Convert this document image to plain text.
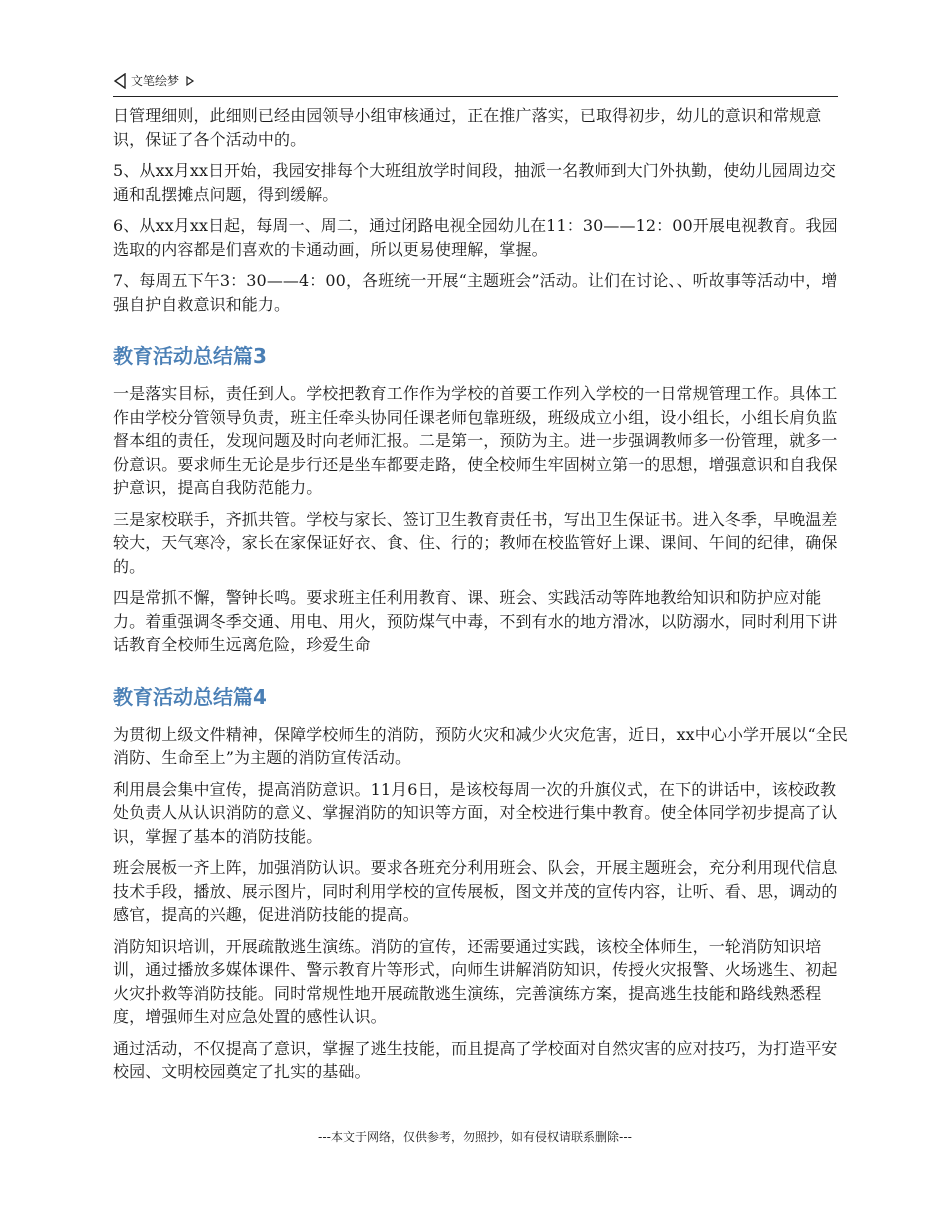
文笔绘梦

日管理细则，此细则已经由园领导小组审核通过，正在推广落实，已取得初步，幼儿的意识和常规意识，保证了各个活动中的。

5、从xx月xx日开始，我园安排每个大班组放学时间段，抽派一名教师到大门外执勤，使幼儿园周边交通和乱摆摊点问题，得到缓解。

6、从xx月xx日起，每周一、周二，通过闭路电视全园幼儿在11：30——12：00开展电视教育。我园选取的内容都是们喜欢的卡通动画，所以更易使理解，掌握。

7、每周五下午3：30——4：00，各班统一开展“主题班会”活动。让们在讨论、、听故事等活动中，增强自护自救意识和能力。

教育活动总结篇3

一是落实目标，责任到人。学校把教育工作作为学校的首要工作列入学校的一日常规管理工作。具体工作由学校分管领导负责，班主任牵头协同任课老师包靠班级，班级成立小组，设小组长，小组长肩负监督本组的责任，发现问题及时向老师汇报。二是第一，预防为主。进一步强调教师多一份管理，就多一份意识。要求师生无论是步行还是坐车都要走路，使全校师生牢固树立第一的思想，增强意识和自我保护意识，提高自我防范能力。

三是家校联手，齐抓共管。学校与家长、签订卫生教育责任书，写出卫生保证书。进入冬季，早晚温差较大，天气寒冷，家长在家保证好衣、食、住、行的；教师在校监管好上课、课间、午间的纪律，确保的。

四是常抓不懈，警钟长鸣。要求班主任利用教育、课、班会、实践活动等阵地教给知识和防护应对能力。着重强调冬季交通、用电、用火，预防煤气中毒，不到有水的地方滑冰，以防溺水，同时利用下讲话教育全校师生远离危险，珍爱生命

教育活动总结篇4

为贯彻上级文件精神，保障学校师生的消防，预防火灾和减少火灾危害，近日，xx中心小学开展以“全民消防、生命至上”为主题的消防宣传活动。

利用晨会集中宣传，提高消防意识。11月6日，是该校每周一次的升旗仪式，在下的讲话中，该校政教处负责人从认识消防的意义、掌握消防的知识等方面，对全校进行集中教育。使全体同学初步提高了认识，掌握了基本的消防技能。

班会展板一齐上阵，加强消防认识。要求各班充分利用班会、队会，开展主题班会，充分利用现代信息技术手段，播放、展示图片，同时利用学校的宣传展板，图文并茂的宣传内容，让听、看、思，调动的感官，提高的兴趣，促进消防技能的提高。

消防知识培训，开展疏散逃生演练。消防的宣传，还需要通过实践，该校全体师生，一轮消防知识培训，通过播放多媒体课件、警示教育片等形式，向师生讲解消防知识，传授火灾报警、火场逃生、初起火灾扑救等消防技能。同时常规性地开展疏散逃生演练，完善演练方案，提高逃生技能和路线熟悉程度，增强师生对应急处置的感性认识。

通过活动，不仅提高了意识，掌握了逃生技能，而且提高了学校面对自然灾害的应对技巧，为打造平安校园、文明校园奠定了扎实的基础。

---本文于网络，仅供参考，勿照抄，如有侵权请联系删除---
